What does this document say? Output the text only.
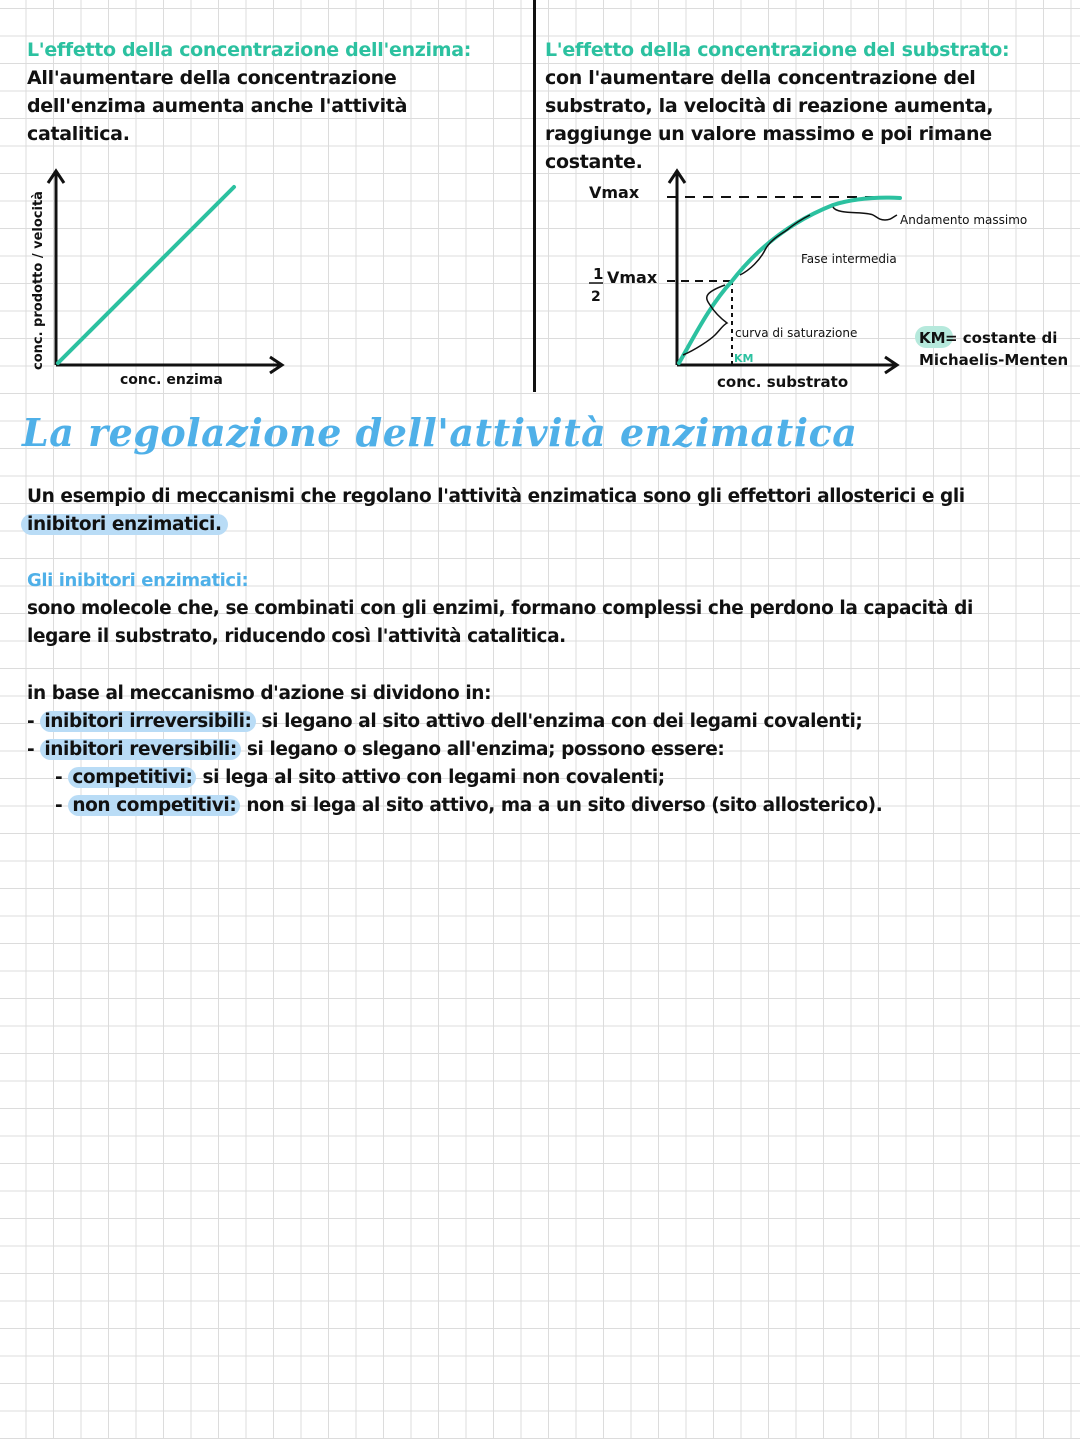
L'effetto della concentrazione dell'enzima:

All'aumentare della concentrazione

dell'enzima aumenta anche l'attività

catalitica.

conc. prodotto / velocità
conc. enzima

L'effetto della concentrazione del substrato:

con l'aumentare della concentrazione del

substrato, la velocità di reazione aumenta,

raggiunge un valore massimo e poi rimane

costante.

Vmax
1
2
Vmax
Andamento massimo
Fase intermedia
curva di saturazione
KM
conc. substrato
KM = costante di
Michaelis-Menten
La regolazione dell'attività enzimatica

Un esempio di meccanismi che regolano l'attività enzimatica sono gli effettori allosterici e gli

inibitori enzimatici.

Gli inibitori enzimatici:

sono molecole che, se combinati con gli enzimi, formano complessi che perdono la capacità di

legare il substrato, riducendo così l'attività catalitica.

in base al meccanismo d'azione si dividono in:

- inibitori irreversibili: si legano al sito attivo dell'enzima con dei legami covalenti;

- inibitori reversibili: si legano o slegano all'enzima; possono essere:

- competitivi: si lega al sito attivo con legami non covalenti;

- non competitivi: non si lega al sito attivo, ma a un sito diverso (sito allosterico).
